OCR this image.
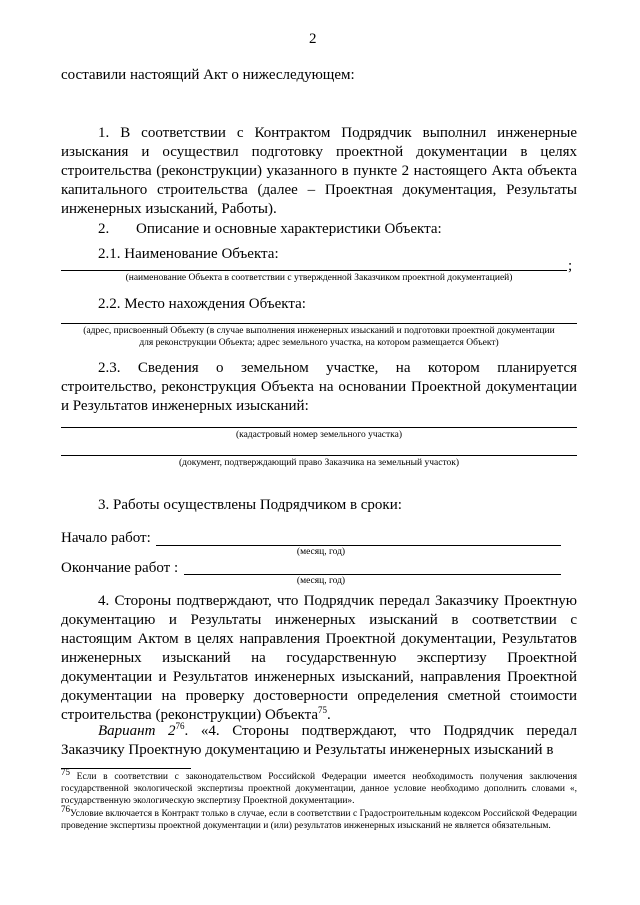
2
составили настоящий Акт о нижеследующем:
1. В соответствии с Контрактом Подрядчик выполнил инженерные изыскания и осуществил подготовку проектной документации в целях строительства (реконструкции) указанного в пункте 2 настоящего Акта объекта капитального строительства (далее – Проектная документация, Результаты инженерных изысканий, Работы).
2. Описание и основные характеристики Объекта:
2.1. Наименование Объекта:
;
(наименование Объекта в соответствии с утвержденной Заказчиком проектной документацией)
2.2. Место нахождения Объекта:
(адрес, присвоенный Объекту (в случае выполнения инженерных изысканий и подготовки проектной документации
для реконструкции Объекта; адрес земельного участка, на котором размещается Объект)
2.3. Сведения о земельном участке, на котором планируется строительство, реконструкция Объекта на основании Проектной документации и Результатов инженерных изысканий:
(кадастровый номер земельного участка)
(документ, подтверждающий право Заказчика на земельный участок)
3. Работы осуществлены Подрядчиком в сроки:
Начало работ:
(месяц, год)
Окончание работ :
(месяц, год)
4. Стороны подтверждают, что Подрядчик передал Заказчику Проектную документацию и Результаты инженерных изысканий в соответствии с настоящим Актом в целях направления Проектной документации, Результатов инженерных изысканий на государственную экспертизу Проектной документации и Результатов инженерных изысканий, направления Проектной документации на проверку достоверности определения сметной стоимости строительства (реконструкции) Объекта$^{75}$.
Вариант $2^{76}$. «4. Стороны подтверждают, что Подрядчик передал Заказчику Проектную документацию и Результаты инженерных изысканий в
$^{75}$ Если в соответствии с законодательством Российской Федерации имеется необходимость получения заключения государственной экологической экспертизы проектной документации, данное условие необходимо дополнить словами «, государственную экологическую экспертизу Проектной документации».
$^{76}$Условие включается в Контракт только в случае, если в соответствии с Градостроительным кодексом Российской Федерации проведение экспертизы проектной документации и (или) результатов инженерных изысканий не является обязательным.
